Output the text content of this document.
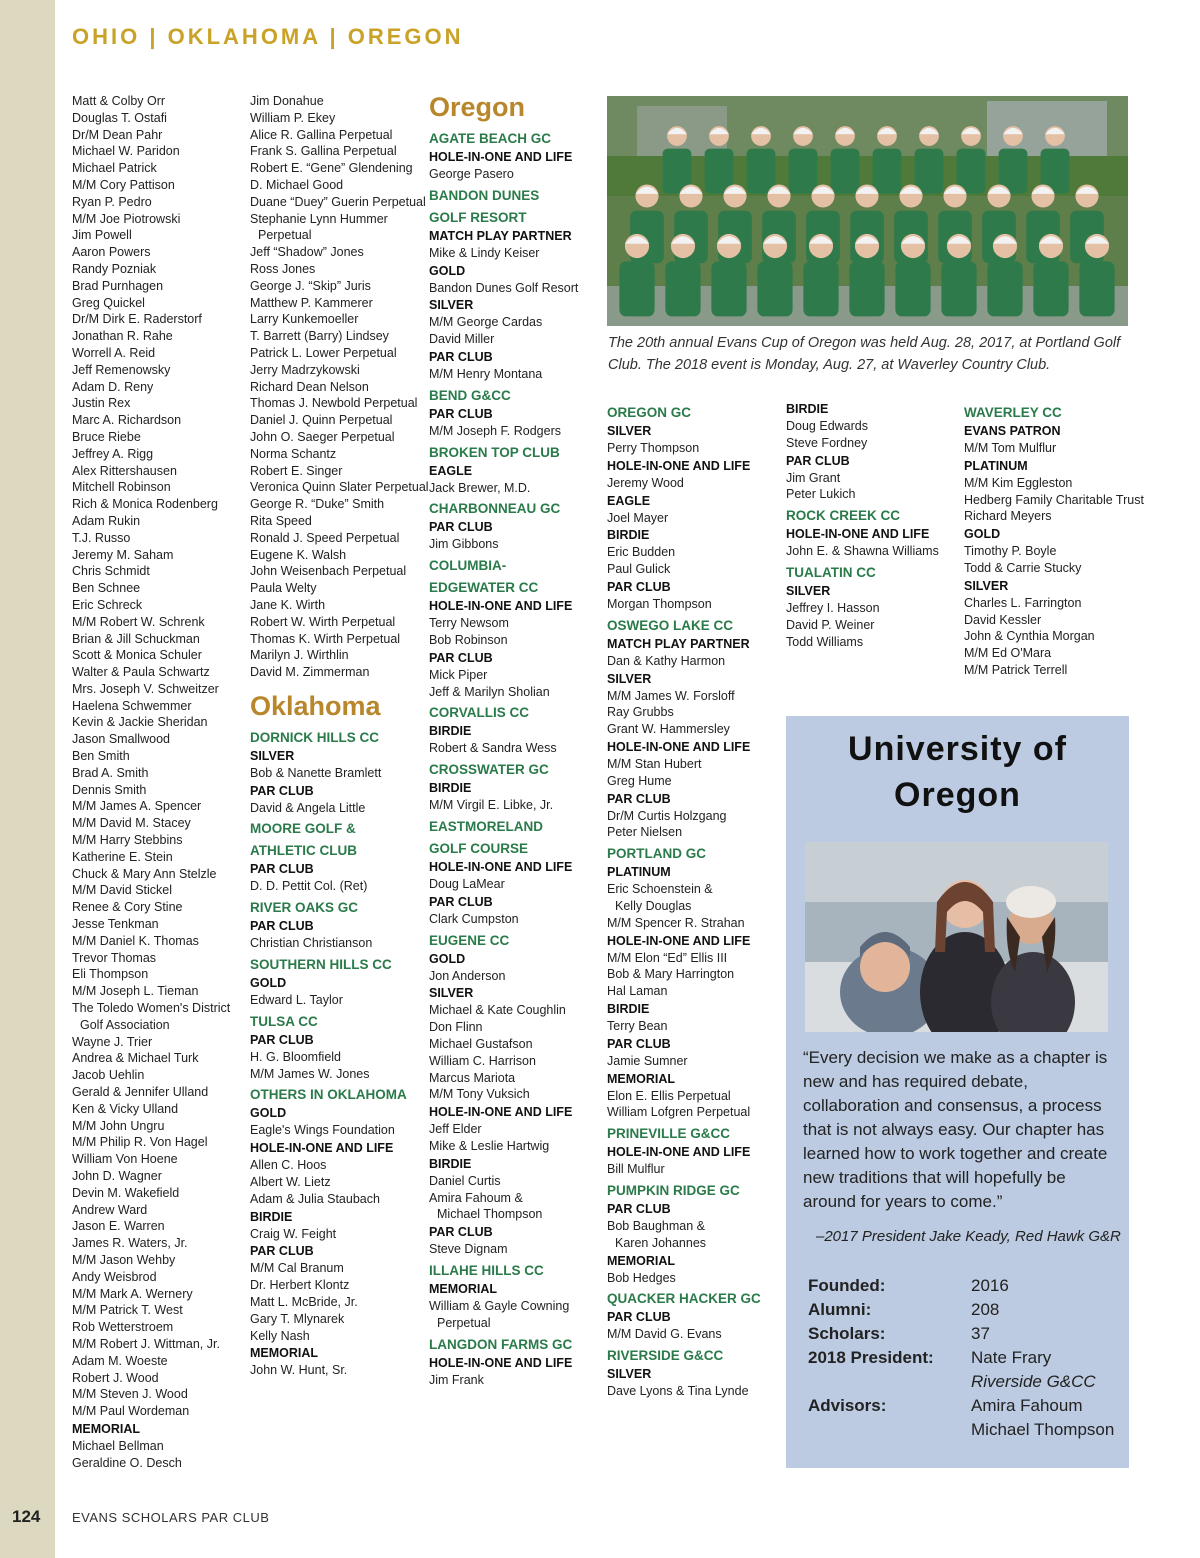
OHIO | OKLAHOMA | OREGON
Matt & Colby Orr
Douglas T. Ostafi
Dr/M Dean Pahr
Michael W. Paridon
Michael Patrick
M/M Cory Pattison
Ryan P. Pedro
M/M Joe Piotrowski
Jim Powell
Aaron Powers
Randy Pozniak
Brad Purnhagen
Greg Quickel
Dr/M Dirk E. Raderstorf
Jonathan R. Rahe
Worrell A. Reid
Jeff Remenowsky
Adam D. Reny
Justin Rex
Marc A. Richardson
Bruce Riebe
Jeffrey A. Rigg
Alex Rittershausen
Mitchell Robinson
Rich & Monica Rodenberg
Adam Rukin
T.J. Russo
Jeremy M. Saham
Chris Schmidt
Ben Schnee
Eric Schreck
M/M Robert W. Schrenk
Brian & Jill Schuckman
Scott & Monica Schuler
Walter & Paula Schwartz
Mrs. Joseph V. Schweitzer
Haelena Schwemmer
Kevin & Jackie Sheridan
Jason Smallwood
Ben Smith
Brad A. Smith
Dennis Smith
M/M James A. Spencer
M/M David M. Stacey
M/M Harry Stebbins
Katherine E. Stein
Chuck & Mary Ann Stelzle
M/M David Stickel
Renee & Cory Stine
Jesse Tenkman
M/M Daniel K. Thomas
Trevor Thomas
Eli Thompson
M/M Joseph L. Tieman
The Toledo Women's District
Golf Association
Wayne J. Trier
Andrea & Michael Turk
Jacob Uehlin
Gerald & Jennifer Ulland
Ken & Vicky Ulland
M/M John Ungru
M/M Philip R. Von Hagel
William Von Hoene
John D. Wagner
Devin M. Wakefield
Andrew Ward
Jason E. Warren
James R. Waters, Jr.
M/M Jason Wehby
Andy Weisbrod
M/M Mark A. Wernery
M/M Patrick T. West
Rob Wetterstroem
M/M Robert J. Wittman, Jr.
Adam M. Woeste
Robert J. Wood
M/M Steven J. Wood
M/M Paul Wordeman
MEMORIAL
Michael Bellman
Geraldine O. Desch
Jim Donahue
William P. Ekey
Alice R. Gallina Perpetual
Frank S. Gallina Perpetual
Robert E. “Gene” Glendening
D. Michael Good
Duane “Duey” Guerin Perpetual
Stephanie Lynn Hummer
Perpetual
Jeff “Shadow” Jones
Ross Jones
George J. “Skip” Juris
Matthew P. Kammerer
Larry Kunkemoeller
T. Barrett (Barry) Lindsey
Patrick L. Lower Perpetual
Jerry Madrzykowski
Richard Dean Nelson
Thomas J. Newbold Perpetual
Daniel J. Quinn Perpetual
John O. Saeger Perpetual
Norma Schantz
Robert E. Singer
Veronica Quinn Slater Perpetual
George R. “Duke” Smith
Rita Speed
Ronald J. Speed Perpetual
Eugene K. Walsh
John Weisenbach Perpetual
Paula Welty
Jane K. Wirth
Robert W. Wirth Perpetual
Thomas K. Wirth Perpetual
Marilyn J. Wirthlin
David M. Zimmerman
Oklahoma
DORNICK HILLS CC
SILVER
Bob & Nanette Bramlett
PAR CLUB
David & Angela Little
MOORE GOLF &
ATHLETIC CLUB
PAR CLUB
D. D. Pettit Col. (Ret)
RIVER OAKS GC
PAR CLUB
Christian Christianson
SOUTHERN HILLS CC
GOLD
Edward L. Taylor
TULSA CC
PAR CLUB
H. G. Bloomfield
M/M James W. Jones
OTHERS IN OKLAHOMA
GOLD
Eagle's Wings Foundation
HOLE-IN-ONE AND LIFE
Allen C. Hoos
Albert W. Lietz
Adam & Julia Staubach
BIRDIE
Craig W. Feight
PAR CLUB
M/M Cal Branum
Dr. Herbert Klontz
Matt L. McBride, Jr.
Gary T. Mlynarek
Kelly Nash
MEMORIAL
John W. Hunt, Sr.
Oregon
AGATE BEACH GC
HOLE-IN-ONE AND LIFE
George Pasero
BANDON DUNES
GOLF RESORT
MATCH PLAY PARTNER
Mike & Lindy Keiser
GOLD
Bandon Dunes Golf Resort
SILVER
M/M George Cardas
David Miller
PAR CLUB
M/M Henry Montana
BEND G&CC
PAR CLUB
M/M Joseph F. Rodgers
BROKEN TOP CLUB
EAGLE
Jack Brewer, M.D.
CHARBONNEAU GC
PAR CLUB
Jim Gibbons
COLUMBIA-
EDGEWATER CC
HOLE-IN-ONE AND LIFE
Terry Newsom
Bob Robinson
PAR CLUB
Mick Piper
Jeff & Marilyn Sholian
CORVALLIS CC
BIRDIE
Robert & Sandra Wess
CROSSWATER GC
BIRDIE
M/M Virgil E. Libke, Jr.
EASTMORELAND
GOLF COURSE
HOLE-IN-ONE AND LIFE
Doug LaMear
PAR CLUB
Clark Cumpston
EUGENE CC
GOLD
Jon Anderson
SILVER
Michael & Kate Coughlin
Don Flinn
Michael Gustafson
William C. Harrison
Marcus Mariota
M/M Tony Vuksich
HOLE-IN-ONE AND LIFE
Jeff Elder
Mike & Leslie Hartwig
BIRDIE
Daniel Curtis
Amira Fahoum &
Michael Thompson
PAR CLUB
Steve Dignam
ILLAHE HILLS CC
MEMORIAL
William & Gayle Cowning
Perpetual
LANGDON FARMS GC
HOLE-IN-ONE AND LIFE
Jim Frank
The 20th annual Evans Cup of Oregon was held Aug. 28, 2017, at Portland Golf Club. The 2018 event is Monday, Aug. 27, at Waverley Country Club.
OREGON GC
SILVER
Perry Thompson
HOLE-IN-ONE AND LIFE
Jeremy Wood
EAGLE
Joel Mayer
BIRDIE
Eric Budden
Paul Gulick
PAR CLUB
Morgan Thompson
OSWEGO LAKE CC
MATCH PLAY PARTNER
Dan & Kathy Harmon
SILVER
M/M James W. Forsloff
Ray Grubbs
Grant W. Hammersley
HOLE-IN-ONE AND LIFE
M/M Stan Hubert
Greg Hume
PAR CLUB
Dr/M Curtis Holzgang
Peter Nielsen
PORTLAND GC
PLATINUM
Eric Schoenstein &
Kelly Douglas
M/M Spencer R. Strahan
HOLE-IN-ONE AND LIFE
M/M Elon “Ed” Ellis III
Bob & Mary Harrington
Hal Laman
BIRDIE
Terry Bean
PAR CLUB
Jamie Sumner
MEMORIAL
Elon E. Ellis Perpetual
William Lofgren Perpetual
PRINEVILLE G&CC
HOLE-IN-ONE AND LIFE
Bill Mulflur
PUMPKIN RIDGE GC
PAR CLUB
Bob Baughman &
Karen Johannes
MEMORIAL
Bob Hedges
QUACKER HACKER GC
PAR CLUB
M/M David G. Evans
RIVERSIDE G&CC
SILVER
Dave Lyons & Tina Lynde
BIRDIE
Doug Edwards
Steve Fordney
PAR CLUB
Jim Grant
Peter Lukich
ROCK CREEK CC
HOLE-IN-ONE AND LIFE
John E. & Shawna Williams
TUALATIN CC
SILVER
Jeffrey I. Hasson
David P. Weiner
Todd Williams
WAVERLEY CC
EVANS PATRON
M/M Tom Mulflur
PLATINUM
M/M Kim Eggleston
Hedberg Family Charitable Trust
Richard Meyers
GOLD
Timothy P. Boyle
Todd & Carrie Stucky
SILVER
Charles L. Farrington
David Kessler
John & Cynthia Morgan
M/M Ed O'Mara
M/M Patrick Terrell
University of
Oregon
“Every decision we make as a chapter is new and has required debate, collaboration and consensus, a process that is not always easy. Our chapter has learned how to work together and create new traditions that will hopefully be around for years to come.”
–2017 President Jake Keady, Red Hawk G&R
Founded:	2016
Alumni:	208
Scholars:	37
2018 President: Nate Frary
Riverside G&CC
Advisors:	Amira Fahoum
Michael Thompson
124 EVANS SCHOLARS PAR CLUB
